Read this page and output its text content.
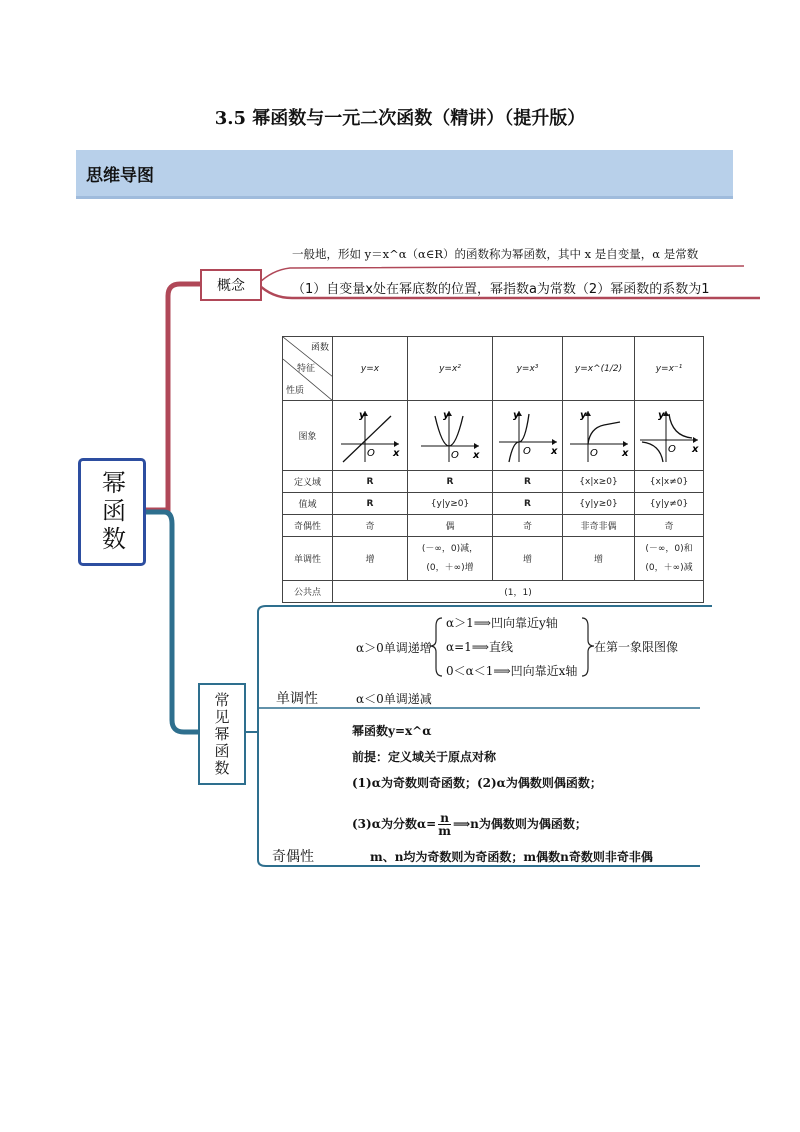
3.5 幂函数与一元二次函数（精讲）（提升版）
思维导图
幂函数
概念
一般地，形如 y＝x^α（α∈R）的函数称为幂函数，其中 x 是自变量，α 是常数
（1）自变量x处在幂底数的位置，幂指数a为常数（2）幂函数的系数为1
函数
特征
性质	y=x	y=x²	y=x³	y=x^(1/2)	y=x⁻¹
图象	y
x
O	y
x
O	y
x
O	y
x
O	y
x
O

定义域	R	R	R	{x|x≥0}	{x|x≠0}
值域	R	{y|y≥0}	R	{y|y≥0}	{y|y≠0}
奇偶性	奇	偶	奇	非奇非偶	奇
单调性	增	(－∞，0)减，
(0，＋∞)增	增	增	(－∞，0)和
(0，＋∞)减
公共点	(1，1)				
常见幂函数	单调性
α＞0单调递增
α＞1⟹凹向靠近y轴
α=1⟹直线
0＜α＜1⟹凹向靠近x轴
在第一象限图像
α＜0单调递减
幂函数y=x^α
前提：定义域关于原点对称
(1)α为奇数则奇函数；(2)α为偶数则偶函数；
(3)α为分数$\alpha= \frac{n}{m}$ ⟹n为偶数则为偶函数；
奇偶性	m、n均为奇数则为奇函数；m偶数n奇数则非奇非偶
